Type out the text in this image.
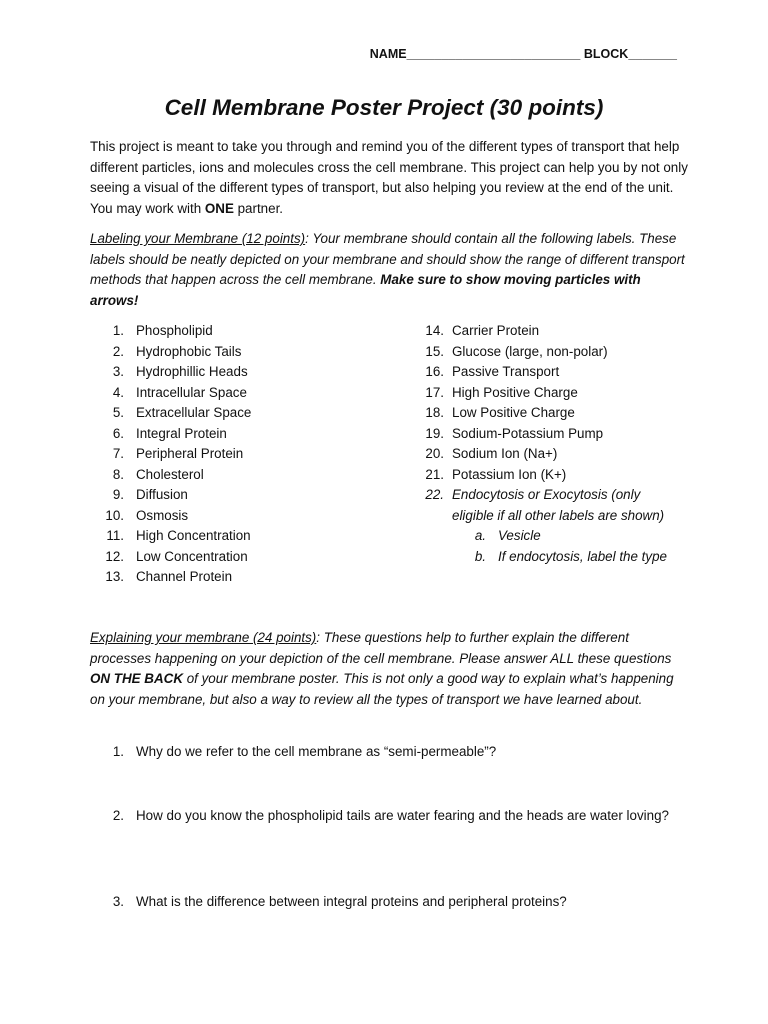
NAME_________________________ BLOCK_______
Cell Membrane Poster Project (30 points)
This project is meant to take you through and remind you of the different types of transport that help different particles, ions and molecules cross the cell membrane. This project can help you by not only seeing a visual of the different types of transport, but also helping you review at the end of the unit. You may work with ONE partner.
Labeling your Membrane (12 points): Your membrane should contain all the following labels. These labels should be neatly depicted on your membrane and should show the range of different transport methods that happen across the cell membrane. Make sure to show moving particles with arrows!
1. Phospholipid
2. Hydrophobic Tails
3. Hydrophillic Heads
4. Intracellular Space
5. Extracellular Space
6. Integral Protein
7. Peripheral Protein
8. Cholesterol
9. Diffusion
10. Osmosis
11. High Concentration
12. Low Concentration
13. Channel Protein
14. Carrier Protein
15. Glucose (large, non-polar)
16. Passive Transport
17. High Positive Charge
18. Low Positive Charge
19. Sodium-Potassium Pump
20. Sodium Ion (Na+)
21. Potassium Ion (K+)
22. Endocytosis or Exocytosis (only
eligible if all other labels are shown)
a. Vesicle
b. If endocytosis, label the type
Explaining your membrane (24 points): These questions help to further explain the different processes happening on your depiction of the cell membrane. Please answer ALL these questions ON THE BACK of your membrane poster. This is not only a good way to explain what’s happening on your membrane, but also a way to review all the types of transport we have learned about.
1. Why do we refer to the cell membrane as “semi-permeable”?
2. How do you know the phospholipid tails are water fearing and the heads are water loving?
3. What is the difference between integral proteins and peripheral proteins?
